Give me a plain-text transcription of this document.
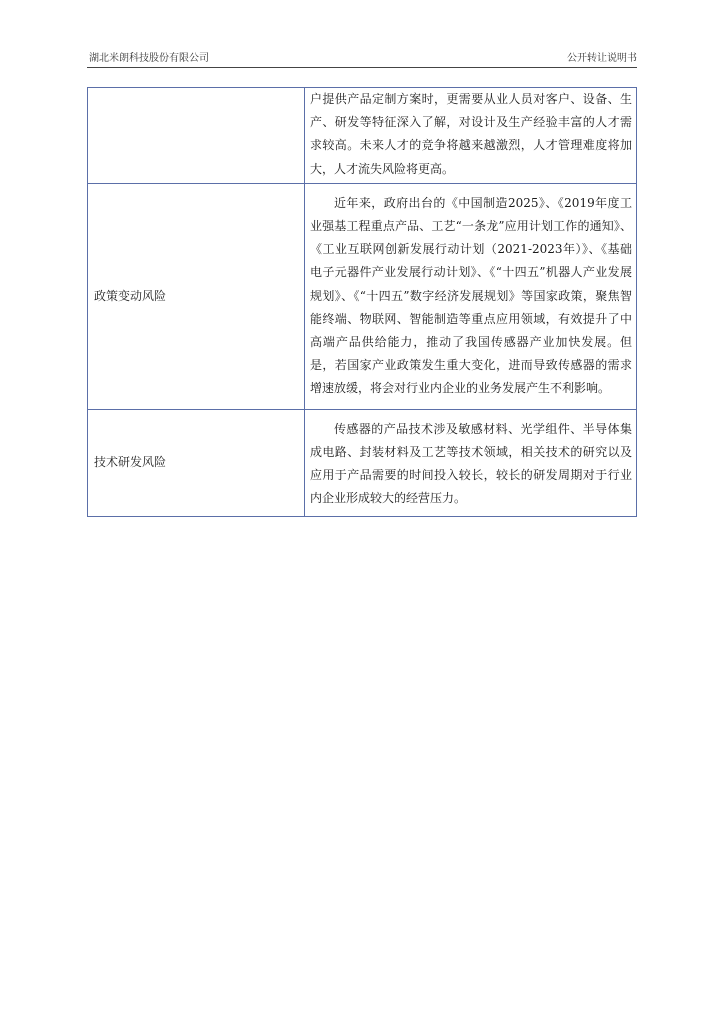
湖北米朗科技股份有限公司	公开转让说明书

	户提供产品定制方案时，更需要从业人员对客户、设备、生产、研发等特征深入了解，对设计及生产经验丰富的人才需求较高。未来人才的竞争将越来越激烈，人才管理难度将加大，人才流失风险将更高。

政策变动风险	近年来，政府出台的《中国制造2025》、《2019年度工业强基工程重点产品、工艺“一条龙”应用计划工作的通知》、《工业互联网创新发展行动计划（2021-2023年）》、《基础电子元器件产业发展行动计划》、《“十四五”机器人产业发展规划》、《“十四五”数字经济发展规划》等国家政策，聚焦智能终端、物联网、智能制造等重点应用领域，有效提升了中高端产品供给能力，推动了我国传感器产业加快发展。但是，若国家产业政策发生重大变化，进而导致传感器的需求增速放缓，将会对行业内企业的业务发展产生不利影响。

技术研发风险	传感器的产品技术涉及敏感材料、光学组件、半导体集成电路、封装材料及工艺等技术领域，相关技术的研究以及应用于产品需要的时间投入较长，较长的研发周期对于行业内企业形成较大的经营压力。
